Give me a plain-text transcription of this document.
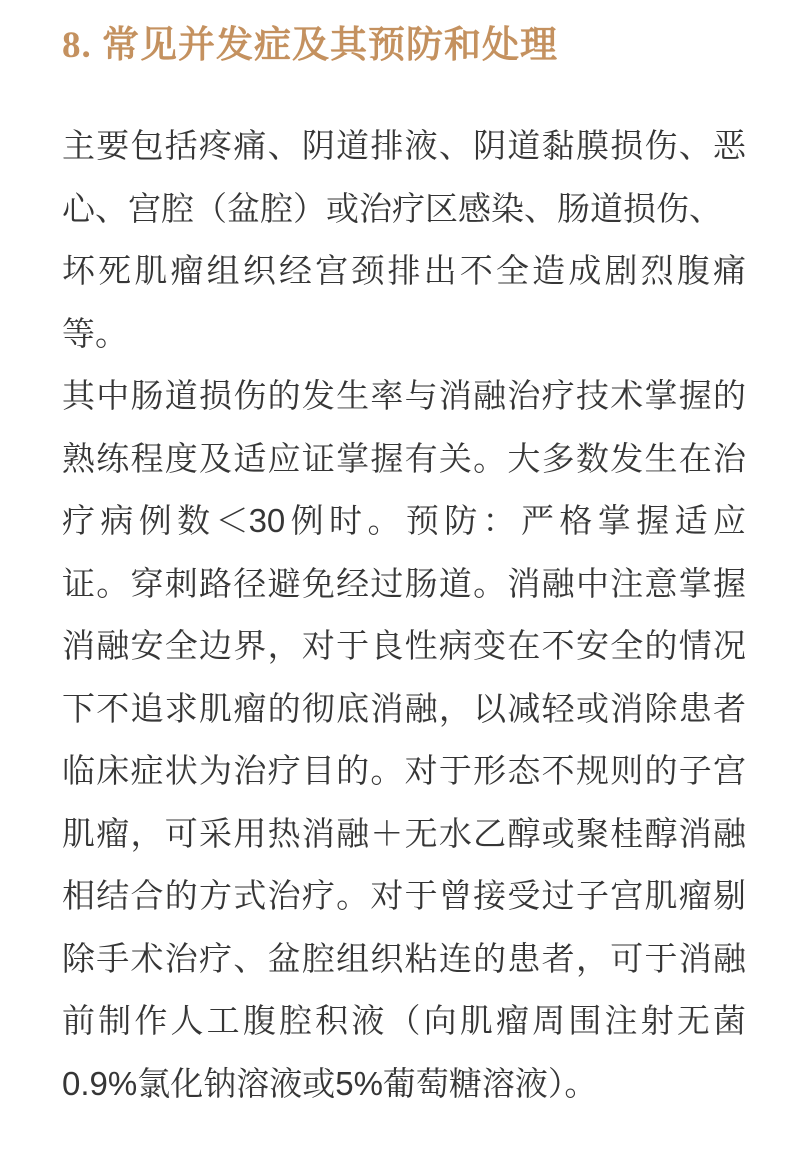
8. 常见并发症及其预防和处理
主要包括疼痛、阴道排液、阴道黏膜损伤、恶
心、宫腔（盆腔）或治疗区感染、肠道损伤、
坏死肌瘤组织经宫颈排出不全造成剧烈腹痛
等。
其中肠道损伤的发生率与消融治疗技术掌握的
熟练程度及适应证掌握有关。大多数发生在治
疗病例数＜30例时。预防：严格掌握适应
证。穿刺路径避免经过肠道。消融中注意掌握
消融安全边界，对于良性病变在不安全的情况
下不追求肌瘤的彻底消融，以减轻或消除患者
临床症状为治疗目的。对于形态不规则的子宫
肌瘤，可采用热消融＋无水乙醇或聚桂醇消融
相结合的方式治疗。对于曾接受过子宫肌瘤剔
除手术治疗、盆腔组织粘连的患者，可于消融
前制作人工腹腔积液（向肌瘤周围注射无菌
0.9%氯化钠溶液或5%葡萄糖溶液）。
